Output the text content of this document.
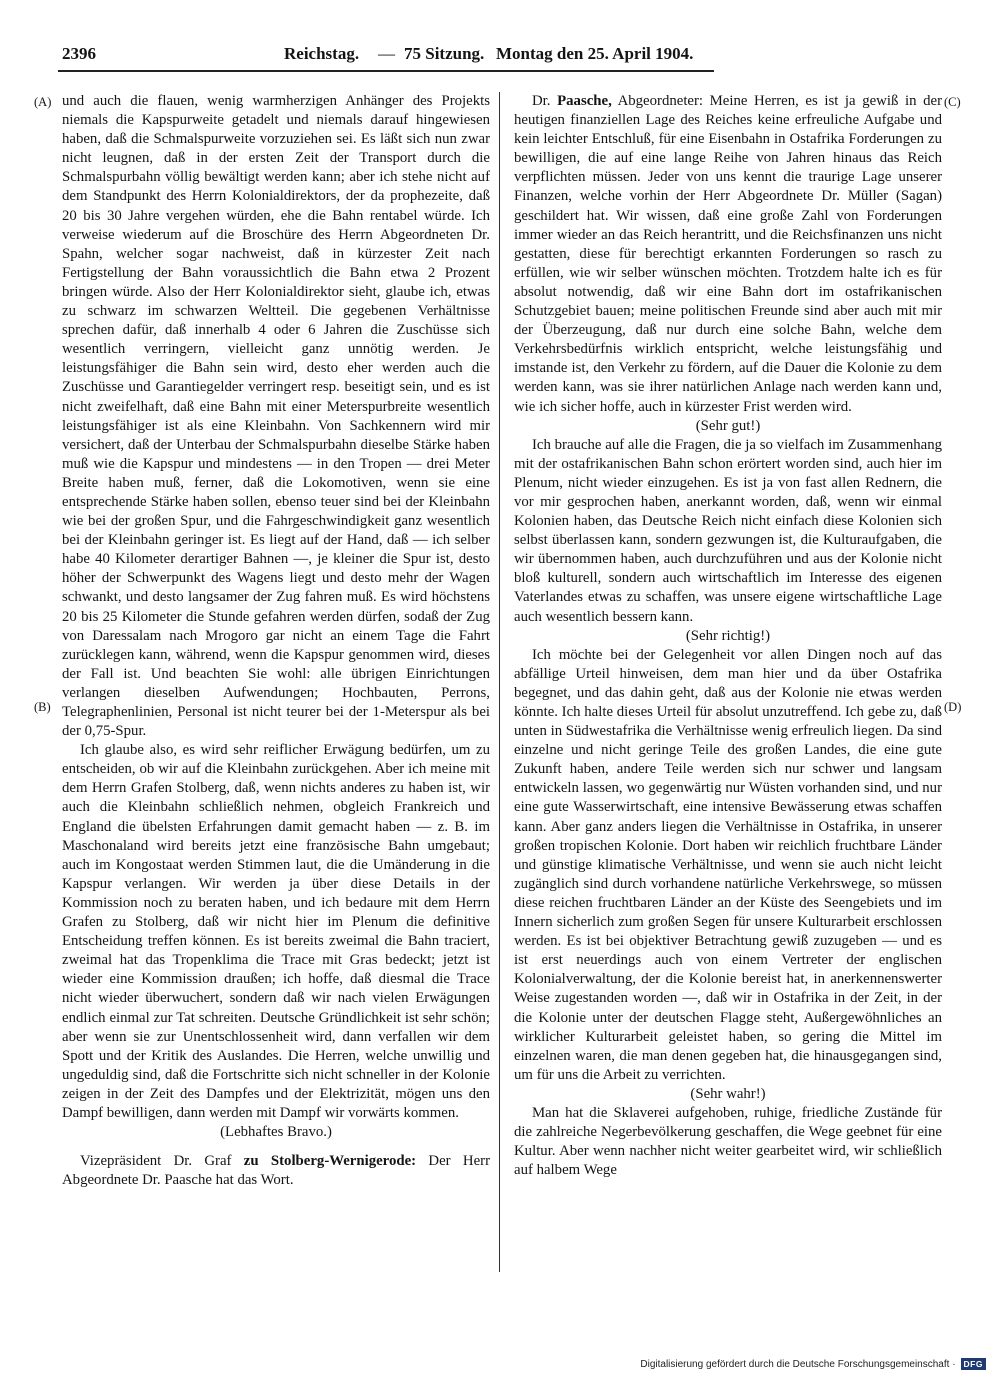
2396	Reichstag. — 75 Sitzung. Montag den 25. April 1904.
(A)
(B)
(C)
(D)

und auch die flauen, wenig warmherzigen Anhänger des Projekts niemals die Kapspurweite getadelt und niemals darauf hingewiesen haben, daß die Schmalspurweite vorzuziehen sei. Es läßt sich nun zwar nicht leugnen, daß in der ersten Zeit der Transport durch die Schmalspurbahn völlig bewältigt werden kann; aber ich stehe nicht auf dem Standpunkt des Herrn Kolonialdirektors, der da prophezeite, daß 20 bis 30 Jahre vergehen würden, ehe die Bahn rentabel würde. Ich verweise wiederum auf die Broschüre des Herrn Abgeordneten Dr. Spahn, welcher sogar nachweist, daß in kürzester Zeit nach Fertigstellung der Bahn voraussichtlich die Bahn etwa 2 Prozent bringen würde. Also der Herr Kolonialdirektor sieht, glaube ich, etwas zu schwarz im schwarzen Weltteil. Die gegebenen Verhältnisse sprechen dafür, daß innerhalb 4 oder 6 Jahren die Zuschüsse sich wesentlich verringern, vielleicht ganz unnötig werden. Je leistungsfähiger die Bahn sein wird, desto eher werden auch die Zuschüsse und Garantiegelder verringert resp. beseitigt sein, und es ist nicht zweifelhaft, daß eine Bahn mit einer Meterspurbreite wesentlich leistungsfähiger ist als eine Kleinbahn. Von Sachkennern wird mir versichert, daß der Unterbau der Schmalspurbahn dieselbe Stärke haben muß wie die Kapspur und mindestens — in den Tropen — drei Meter Breite haben muß, ferner, daß die Lokomotiven, wenn sie eine entsprechende Stärke haben sollen, ebenso teuer sind bei der Kleinbahn wie bei der großen Spur, und die Fahrgeschwindigkeit ganz wesentlich bei der Kleinbahn geringer ist. Es liegt auf der Hand, daß — ich selber habe 40 Kilometer derartiger Bahnen —, je kleiner die Spur ist, desto höher der Schwerpunkt des Wagens liegt und desto mehr der Wagen schwankt, und desto langsamer der Zug fahren muß. Es wird höchstens 20 bis 25 Kilometer die Stunde gefahren werden dürfen, sodaß der Zug von Daressalam nach Mrogoro gar nicht an einem Tage die Fahrt zurücklegen kann, während, wenn die Kapspur genommen wird, dieses der Fall ist. Und beachten Sie wohl: alle übrigen Einrichtungen verlangen dieselben Aufwendungen; Hochbauten, Perrons, Telegraphenlinien, Personal ist nicht teurer bei der 1-Meterspur als bei der 0,75-Spur.

Ich glaube also, es wird sehr reiflicher Erwägung bedürfen, um zu entscheiden, ob wir auf die Kleinbahn zurückgehen. Aber ich meine mit dem Herrn Grafen Stolberg, daß, wenn nichts anderes zu haben ist, wir auch die Kleinbahn schließlich nehmen, obgleich Frankreich und England die übelsten Erfahrungen damit gemacht haben — z. B. im Maschonaland wird bereits jetzt eine französische Bahn umgebaut; auch im Kongostaat werden Stimmen laut, die die Umänderung in die Kapspur verlangen. Wir werden ja über diese Details in der Kommission noch zu beraten haben, und ich bedaure mit dem Herrn Grafen zu Stolberg, daß wir nicht hier im Plenum die definitive Entscheidung treffen können. Es ist bereits zweimal die Bahn traciert, zweimal hat das Tropenklima die Trace mit Gras bedeckt; jetzt ist wieder eine Kommission draußen; ich hoffe, daß diesmal die Trace nicht wieder überwuchert, sondern daß wir nach vielen Erwägungen endlich einmal zur Tat schreiten. Deutsche Gründlichkeit ist sehr schön; aber wenn sie zur Unentschlossenheit wird, dann verfallen wir dem Spott und der Kritik des Auslandes. Die Herren, welche unwillig und ungeduldig sind, daß die Fortschritte sich nicht schneller in der Kolonie zeigen in der Zeit des Dampfes und der Elektrizität, mögen uns den Dampf bewilligen, dann werden mit Dampf wir vorwärts kommen.

(Lebhaftes Bravo.)

Vizepräsident Dr. Graf zu Stolberg-Wernigerode: Der Herr Abgeordnete Dr. Paasche hat das Wort.

Dr. Paasche, Abgeordneter: Meine Herren, es ist ja gewiß in der heutigen finanziellen Lage des Reiches keine erfreuliche Aufgabe und kein leichter Entschluß, für eine Eisenbahn in Ostafrika Forderungen zu bewilligen, die auf eine lange Reihe von Jahren hinaus das Reich verpflichten müssen. Jeder von uns kennt die traurige Lage unserer Finanzen, welche vorhin der Herr Abgeordnete Dr. Müller (Sagan) geschildert hat. Wir wissen, daß eine große Zahl von Forderungen immer wieder an das Reich herantritt, und die Reichsfinanzen uns nicht gestatten, diese für berechtigt erkannten Forderungen so rasch zu erfüllen, wie wir selber wünschen möchten. Trotzdem halte ich es für absolut notwendig, daß wir eine Bahn dort im ostafrikanischen Schutzgebiet bauen; meine politischen Freunde sind aber auch mit mir der Überzeugung, daß nur durch eine solche Bahn, welche dem Verkehrsbedürfnis wirklich entspricht, welche leistungsfähig und imstande ist, den Verkehr zu fördern, auf die Dauer die Kolonie zu dem werden kann, was sie ihrer natürlichen Anlage nach werden kann und, wie ich sicher hoffe, auch in kürzester Frist werden wird.

(Sehr gut!)

Ich brauche auf alle die Fragen, die ja so vielfach im Zusammenhang mit der ostafrikanischen Bahn schon erörtert worden sind, auch hier im Plenum, nicht wieder einzugehen. Es ist ja von fast allen Rednern, die vor mir gesprochen haben, anerkannt worden, daß, wenn wir einmal Kolonien haben, das Deutsche Reich nicht einfach diese Kolonien sich selbst überlassen kann, sondern gezwungen ist, die Kulturaufgaben, die wir übernommen haben, auch durchzuführen und aus der Kolonie nicht bloß kulturell, sondern auch wirtschaftlich im Interesse des eigenen Vaterlandes etwas zu schaffen, was unsere eigene wirtschaftliche Lage auch wesentlich bessern kann.

(Sehr richtig!)

Ich möchte bei der Gelegenheit vor allen Dingen noch auf das abfällige Urteil hinweisen, dem man hier und da über Ostafrika begegnet, und das dahin geht, daß aus der Kolonie nie etwas werden könnte. Ich halte dieses Urteil für absolut unzutreffend. Ich gebe zu, daß unten in Südwestafrika die Verhältnisse wenig erfreulich liegen. Da sind einzelne und nicht geringe Teile des großen Landes, die eine gute Zukunft haben, andere Teile werden sich nur schwer und langsam entwickeln lassen, wo gegenwärtig nur Wüsten vorhanden sind, und nur eine gute Wasserwirtschaft, eine intensive Bewässerung etwas schaffen kann. Aber ganz anders liegen die Verhältnisse in Ostafrika, in unserer großen tropischen Kolonie. Dort haben wir reichlich fruchtbare Länder und günstige klimatische Verhältnisse, und wenn sie auch nicht leicht zugänglich sind durch vorhandene natürliche Verkehrswege, so müssen diese reichen fruchtbaren Länder an der Küste des Seengebiets und im Innern sicherlich zum großen Segen für unsere Kulturarbeit erschlossen werden. Es ist bei objektiver Betrachtung gewiß zuzugeben — und es ist erst neuerdings auch von einem Vertreter der englischen Kolonialverwaltung, der die Kolonie bereist hat, in anerkennenswerter Weise zugestanden worden —, daß wir in Ostafrika in der Zeit, in der die Kolonie unter der deutschen Flagge steht, Außergewöhnliches an wirklicher Kulturarbeit geleistet haben, so gering die Mittel im einzelnen waren, die man denen gegeben hat, die hinausgegangen sind, um für uns die Arbeit zu verrichten.

(Sehr wahr!)

Man hat die Sklaverei aufgehoben, ruhige, friedliche Zustände für die zahlreiche Negerbevölkerung geschaffen, die Wege geebnet für eine Kultur. Aber wenn nachher nicht weiter gearbeitet wird, wir schließlich auf halbem Wege

Digitalisierung gefördert durch die Deutsche Forschungsgemeinschaft · DFG
